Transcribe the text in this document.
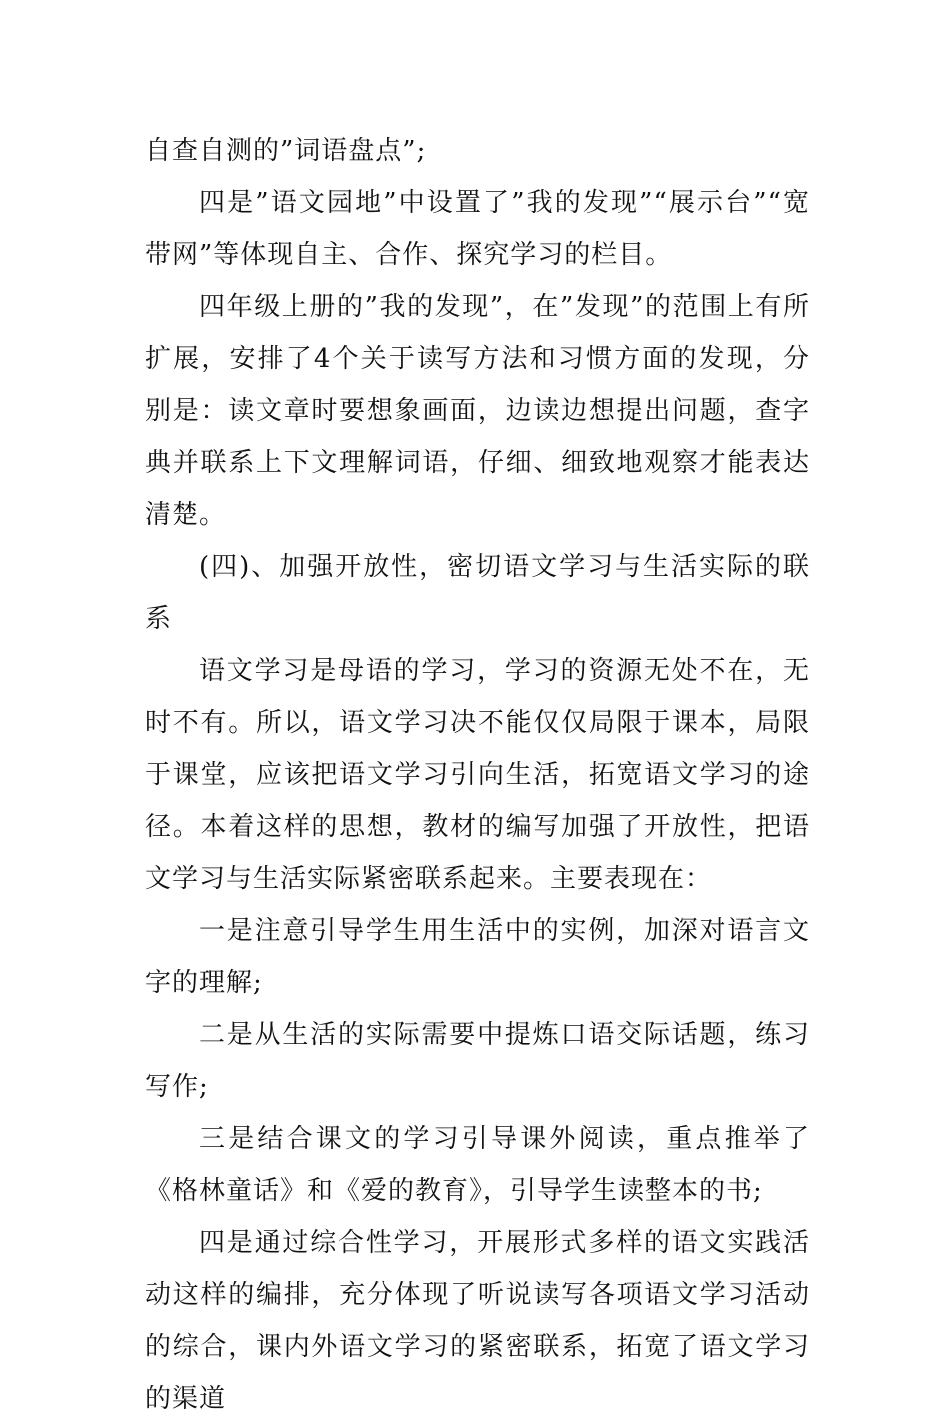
自查自测的”词语盘点”;

四是”语文园地”中设置了”我的发现”“展示台”“宽带网”等体现自主、合作、探究学习的栏目。

四年级上册的”我的发现”，在”发现”的范围上有所扩展，安排了4个关于读写方法和习惯方面的发现，分别是：读文章时要想象画面，边读边想提出问题，查字典并联系上下文理解词语，仔细、细致地观察才能表达清楚。

(四)、加强开放性，密切语文学习与生活实际的联系

语文学习是母语的学习，学习的资源无处不在，无时不有。所以，语文学习决不能仅仅局限于课本，局限于课堂，应该把语文学习引向生活，拓宽语文学习的途径。本着这样的思想，教材的编写加强了开放性，把语文学习与生活实际紧密联系起来。主要表现在：

一是注意引导学生用生活中的实例，加深对语言文字的理解;

二是从生活的实际需要中提炼口语交际话题，练习写作;

三是结合课文的学习引导课外阅读，重点推举了《格林童话》和《爱的教育》，引导学生读整本的书;

四是通过综合性学习，开展形式多样的语文实践活动这样的编排，充分体现了听说读写各项语文学习活动的综合，课内外语文学习的紧密联系，拓宽了语文学习的渠道
